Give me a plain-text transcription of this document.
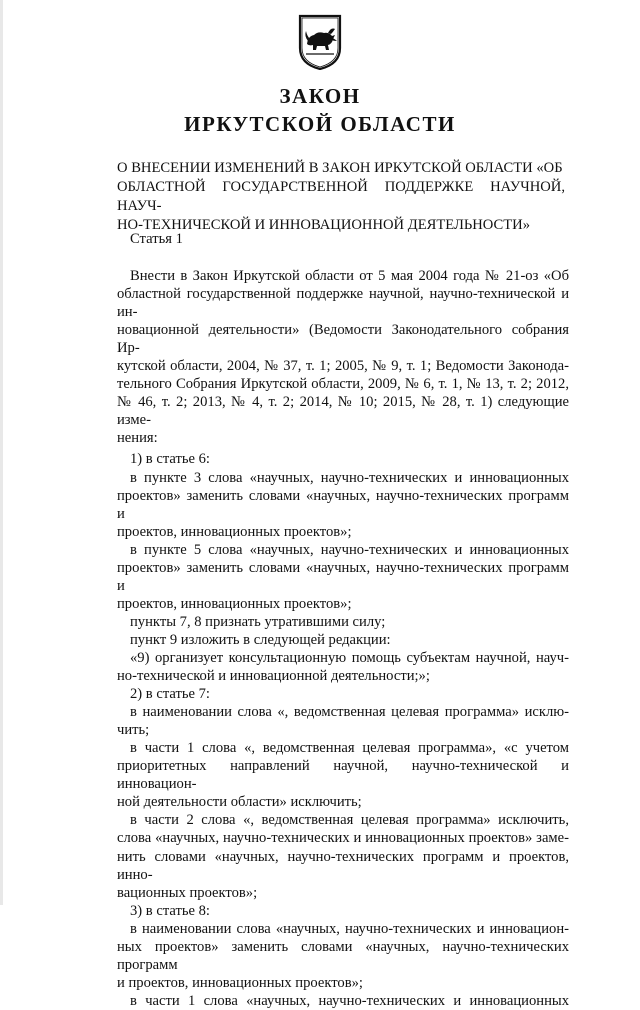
ЗАКОН
ИРКУТСКОЙ ОБЛАСТИ
О ВНЕСЕНИИ ИЗМЕНЕНИЙ В ЗАКОН ИРКУТСКОЙ ОБЛАСТИ «ОБ
ОБЛАСТНОЙ ГОСУДАРСТВЕННОЙ ПОДДЕРЖКЕ НАУЧНОЙ, НАУЧ-
НО-ТЕХНИЧЕСКОЙ И ИННОВАЦИОННОЙ ДЕЯТЕЛЬНОСТИ»
Статья 1
Внести в Закон Иркутской области от 5 мая 2004 года № 21-оз «Об
областной государственной поддержке научной, научно-технической и ин-
новационной деятельности» (Ведомости Законодательного собрания Ир-
кутской области, 2004, № 37, т. 1; 2005, № 9, т. 1; Ведомости Законода-
тельного Собрания Иркутской области, 2009, № 6, т. 1, № 13, т. 2; 2012,
№ 46, т. 2; 2013, № 4, т. 2; 2014, № 10; 2015, № 28, т. 1) следующие изме-
нения:
1) в статье 6:
в пункте 3 слова «научных, научно-технических и инновационных
проектов» заменить словами «научных, научно-технических программ и
проектов, инновационных проектов»;
в пункте 5 слова «научных, научно-технических и инновационных
проектов» заменить словами «научных, научно-технических программ и
проектов, инновационных проектов»;
пункты 7, 8 признать утратившими силу;
пункт 9 изложить в следующей редакции:
«9) организует консультационную помощь субъектам научной, науч-
но-технической и инновационной деятельности;»;
2) в статье 7:
в наименовании слова «, ведомственная целевая программа» исклю-
чить;
в части 1 слова «, ведомственная целевая программа», «с учетом
приоритетных направлений научной, научно-технической и инновацион-
ной деятельности области» исключить;
в части 2 слова «, ведомственная целевая программа» исключить,
слова «научных, научно-технических и инновационных проектов» заме-
нить словами «научных, научно-технических программ и проектов, инно-
вационных проектов»;
3) в статье 8:
в наименовании слова «научных, научно-технических и инновацион-
ных проектов» заменить словами «научных, научно-технических программ
и проектов, инновационных проектов»;
в части 1 слова «научных, научно-технических и инновационных
